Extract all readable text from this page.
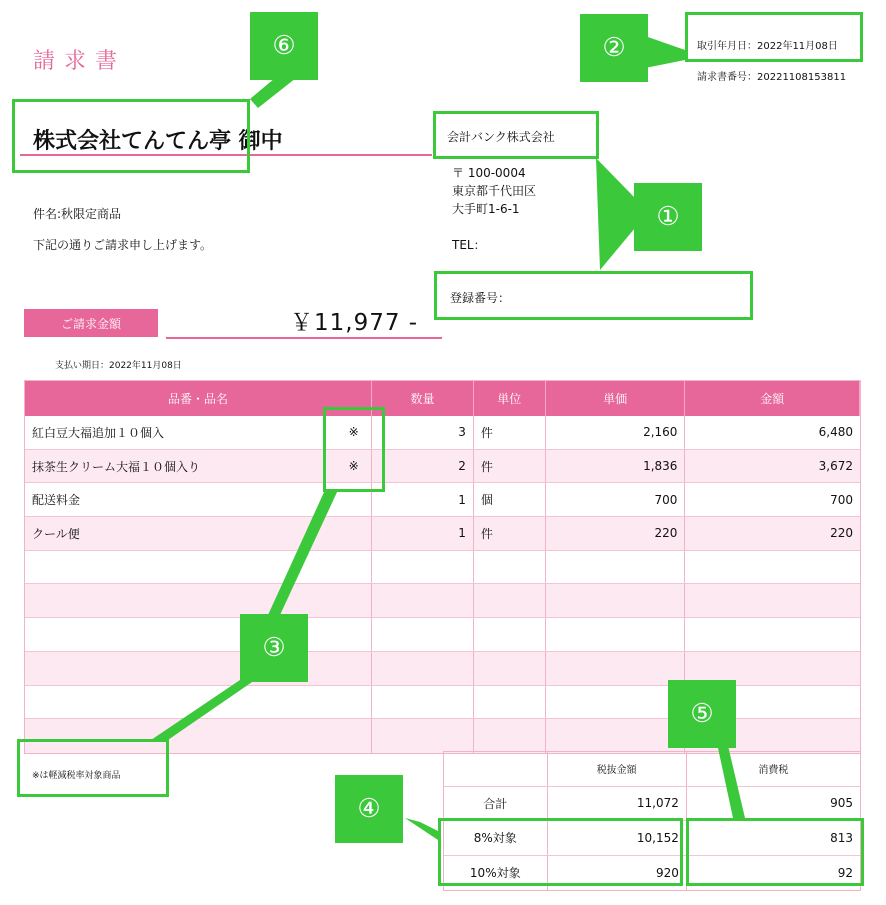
請求書
取引年月日：2022年11月08日
請求書番号：20221108153811
株式会社てんてん亭 御中	会計バンク株式会社
〒 100-0004
東京都千代田区
大手町1-6-1
TEL：
登録番号：
件名:秋限定商品
下記の通りご請求申し上げます。
ご請求金額	￥11,977 -
支払い期日：2022年11月08日
品番・品名	数量	単位	単価	金額
紅白豆大福追加１０個入	※	3	件	2,160	6,480
抹茶生クリーム大福１０個入り	※	2	件	1,836	3,672
配送料金	1	個	700	700
クール便	1	件	220	220
※は軽減税率対象商品	税抜金額	消費税
合計	11,072	905
8%対象	10,152	813
10%対象	920	92
①
②
③
④
⑤
⑥
